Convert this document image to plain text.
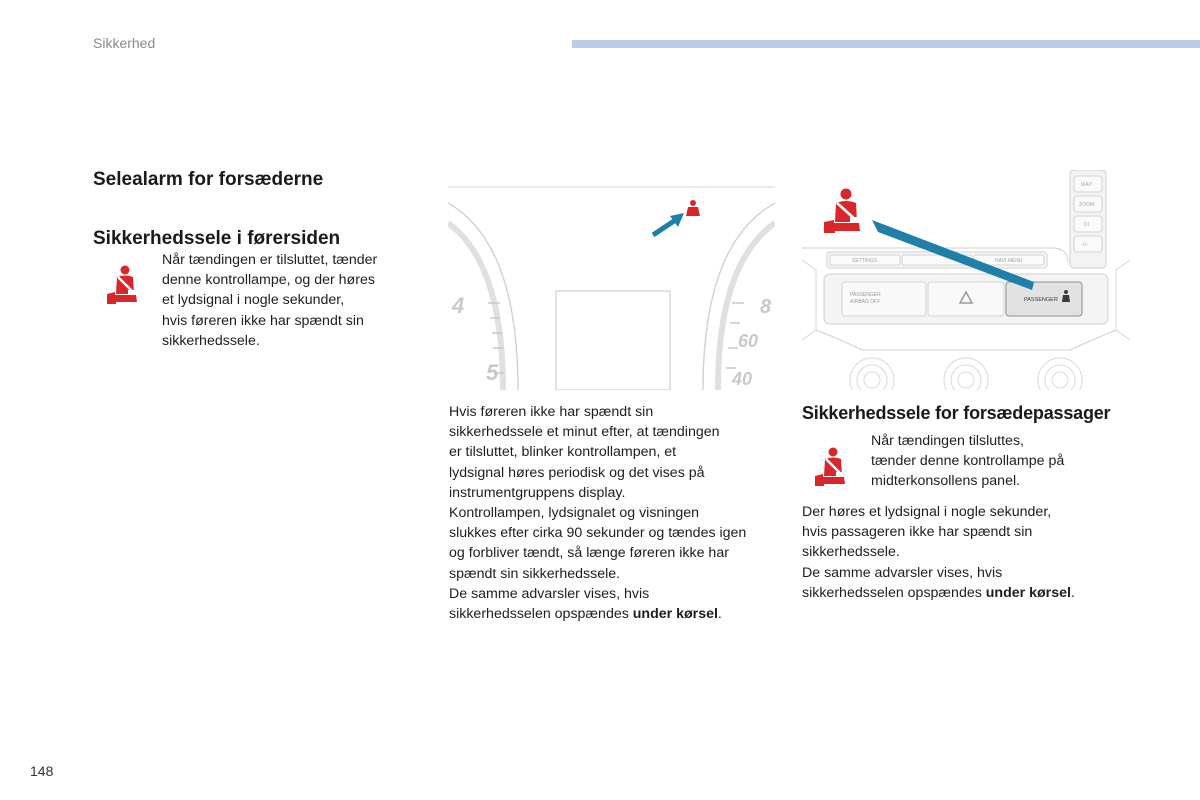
Sikkerhed
Selealarm for forsæderne
Sikkerhedssele i førersiden
Når tændingen er tilsluttet, tænder
denne kontrollampe, og der høres
et lydsignal i nogle sekunder,
hvis føreren ikke har spændt sin
sikkerhedssele.
4
5
8
60
40
Hvis føreren ikke har spændt sin
sikkerhedssele et minut efter, at tændingen
er tilsluttet, blinker kontrollampen, et
lydsignal høres periodisk og det vises på
instrumentgruppens display.
Kontrollampen, lydsignalet og visningen
slukkes efter cirka 90 sekunder og tændes igen
og forbliver tændt, så længe føreren ikke har
spændt sin sikkerhedssele.
De samme advarsler vises, hvis
sikkerhedsselen opspændes under kørsel.
MAP
ZOOM
DI
+/-
SETTINGS	NAVI MENU
PASSENGER
AIRBAG OFF	PASSENGER
Sikkerhedssele for forsædepassager
Når tændingen tilsluttes,
tænder denne kontrollampe på
midterkonsollens panel.
Der høres et lydsignal i nogle sekunder,
hvis passageren ikke har spændt sin
sikkerhedssele.
De samme advarsler vises, hvis
sikkerhedsselen opspændes under kørsel.
148
